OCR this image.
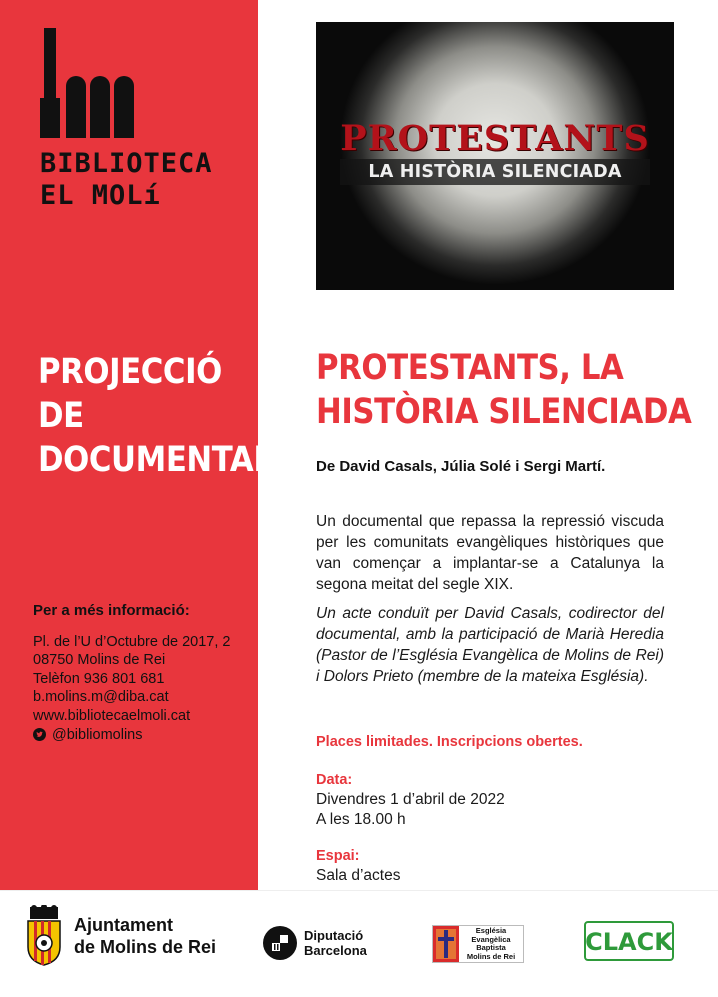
BIBLIOTECA
EL MOLí
PROJECCIÓ
DE
DOCUMENTAL
Per a més informació:
Pl. de l’U d’Octubre de 2017, 2
08750 Molins de Rei
Telèfon 936 801 681
b.molins.m@diba.cat
www.bibliotecaelmoli.cat
@bibliomolins
PROTESTANTS
LA HISTÒRIA SILENCIADA
PROTESTANTS, LA
HISTÒRIA SILENCIADA
De David Casals, Júlia Solé i Sergi Martí.
Un documental que repassa la repressió viscuda per les comunitats evangèliques històriques que van començar a implantar-se a Catalunya la segona meitat del segle XIX.
Un acte conduït per David Casals, codirector del documental, amb la participació de Marià Heredia (Pastor de l’Església Evangèlica de Molins de Rei) i Dolors Prieto (membre de la mateixa Església).
Places limitades. Inscripcions obertes.
Data:
Divendres 1 d’abril de 2022
A les 18.00 h
Espai:
Sala d’actes
Ajuntament
de Molins de Rei
Diputació
Barcelona
Església
Evangèlica
Baptista
Molins de Rei	CLACK
